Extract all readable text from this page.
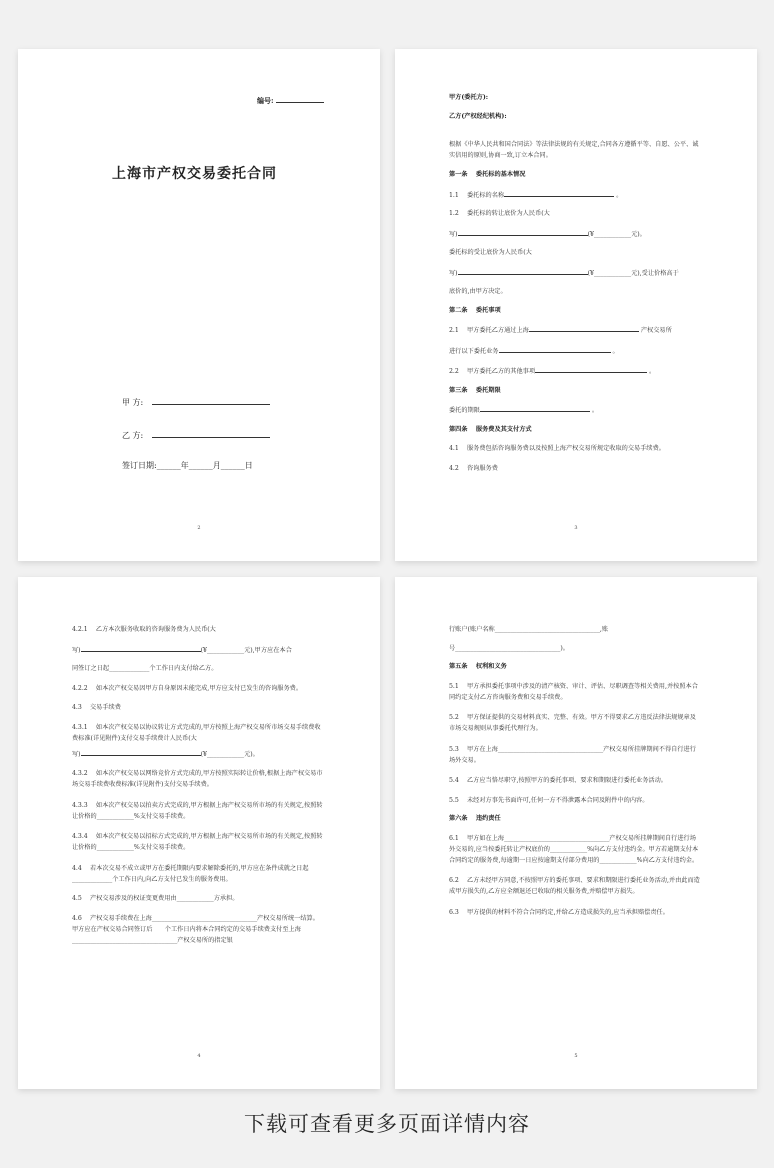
编号:
上海市产权交易委托合同
甲 方:
乙 方:
签订日期:______年______月______日
2
甲方(委托方):
乙方(产权经纪机构):
根据《中华人民共和国合同法》等法律法规的有关规定,合同各方遵循平等、自愿、公平、诚实信用的原则,协商一致,订立本合同。
第一条　 委托标的基本情况
1.1　 委托标的名称	。
1.2　 委托标的转让底价为人民币(大
写)	(¥____________元)。
委托标的受让底价为人民币(大
写)	(¥____________元),受让价格高于
底价的,由甲方决定。
第二条　 委托事项
2.1　 甲方委托乙方通过上海	产权交易所
进行以下委托业务	。
2.2　 甲方委托乙方的其他事项	。
第三条　 委托期限
委托的期限	。
第四条　 服务费及其支付方式
4.1　 服务费包括咨询服务费以及按照上海产权交易所规定收取的交易手续费。
4.2　 咨询服务费
3
4.2.1　 乙方本次服务收取的咨询服务费为人民币(大
写)	(¥____________元),甲方应在本合
同签订之日起_____________个工作日内支付给乙方。
4.2.2　 如本次产权交易因甲方自身原因未能完成,甲方应支付已发生的咨询服务费。
4.3　 交易手续费
4.3.1　 如本次产权交易以协议转让方式完成的,甲方按照上海产权交易所市场交易手续费收费标准(详见附件)支付交易手续费计人民币(大
写)	(¥____________元)。
4.3.2　 如本次产权交易以网络竞价方式完成的,甲方按照实际转让价格,根据上海产权交易市场交易手续费收费标准(详见附件)支付交易手续费。
4.3.3　 如本次产权交易以拍卖方式完成的,甲方根据上海产权交易所市场的有关规定,按照转让价格的____________%支付交易手续费。
4.3.4　 如本次产权交易以招标方式完成的,甲方根据上海产权交易所市场的有关规定,按照转让价格的____________%支付交易手续费。
4.4　 若本次交易不成立或甲方在委托期限内要求解除委托的,甲方应在条件成就之日起_____________个工作日内,向乙方支付已发生的服务费用。
4.5　 产权交易涉及的权证变更费用由____________方承担。
4.6　 产权交易手续费在上海__________________________________产权交易所统一结算。甲方应在产权交易合同签订后　　个工作日内将本合同约定的交易手续费支付至上海__________________________________产权交易所的指定银
4
行账户(账户名称__________________________________,账
号__________________________________)。
第五条　 权利和义务
5.1　 甲方承担委托事项中涉及的清产核资、审计、评估、尽职调查等相关费用,并按照本合同约定支付乙方咨询服务费和交易手续费。
5.2　 甲方保证提供的交易材料真实、完整、有效。甲方不得要求乙方违反法律法规规章及市场交易规则从事委托代理行为。
5.3　 甲方在上海__________________________________产权交易所挂牌期间不得自行进行场外交易。
5.4　 乙方应当恪尽职守,按照甲方的委托事项、要求和期限进行委托业务活动。
5.5　 未经对方事先书面许可,任何一方不得泄露本合同及附件中的内容。
第六条　 违约责任
6.1　 甲方如在上海__________________________________产权交易所挂牌期间自行进行场外交易的,应当按委托转让产权底价的____________%向乙方支付违约金。甲方若逾期支付本合同约定的服务费,每逾期一日应按逾期支付部分费用的____________%向乙方支付违约金。
6.2　 乙方未经甲方同意,不按照甲方的委托事项、要求和期限进行委托业务活动,并由此而造成甲方损失的,乙方应全额退还已收取的相关服务费,并赔偿甲方损失。
6.3　 甲方提供的材料不符合合同约定,并给乙方造成损失的,应当承担赔偿责任。
5
下载可查看更多页面详情内容
